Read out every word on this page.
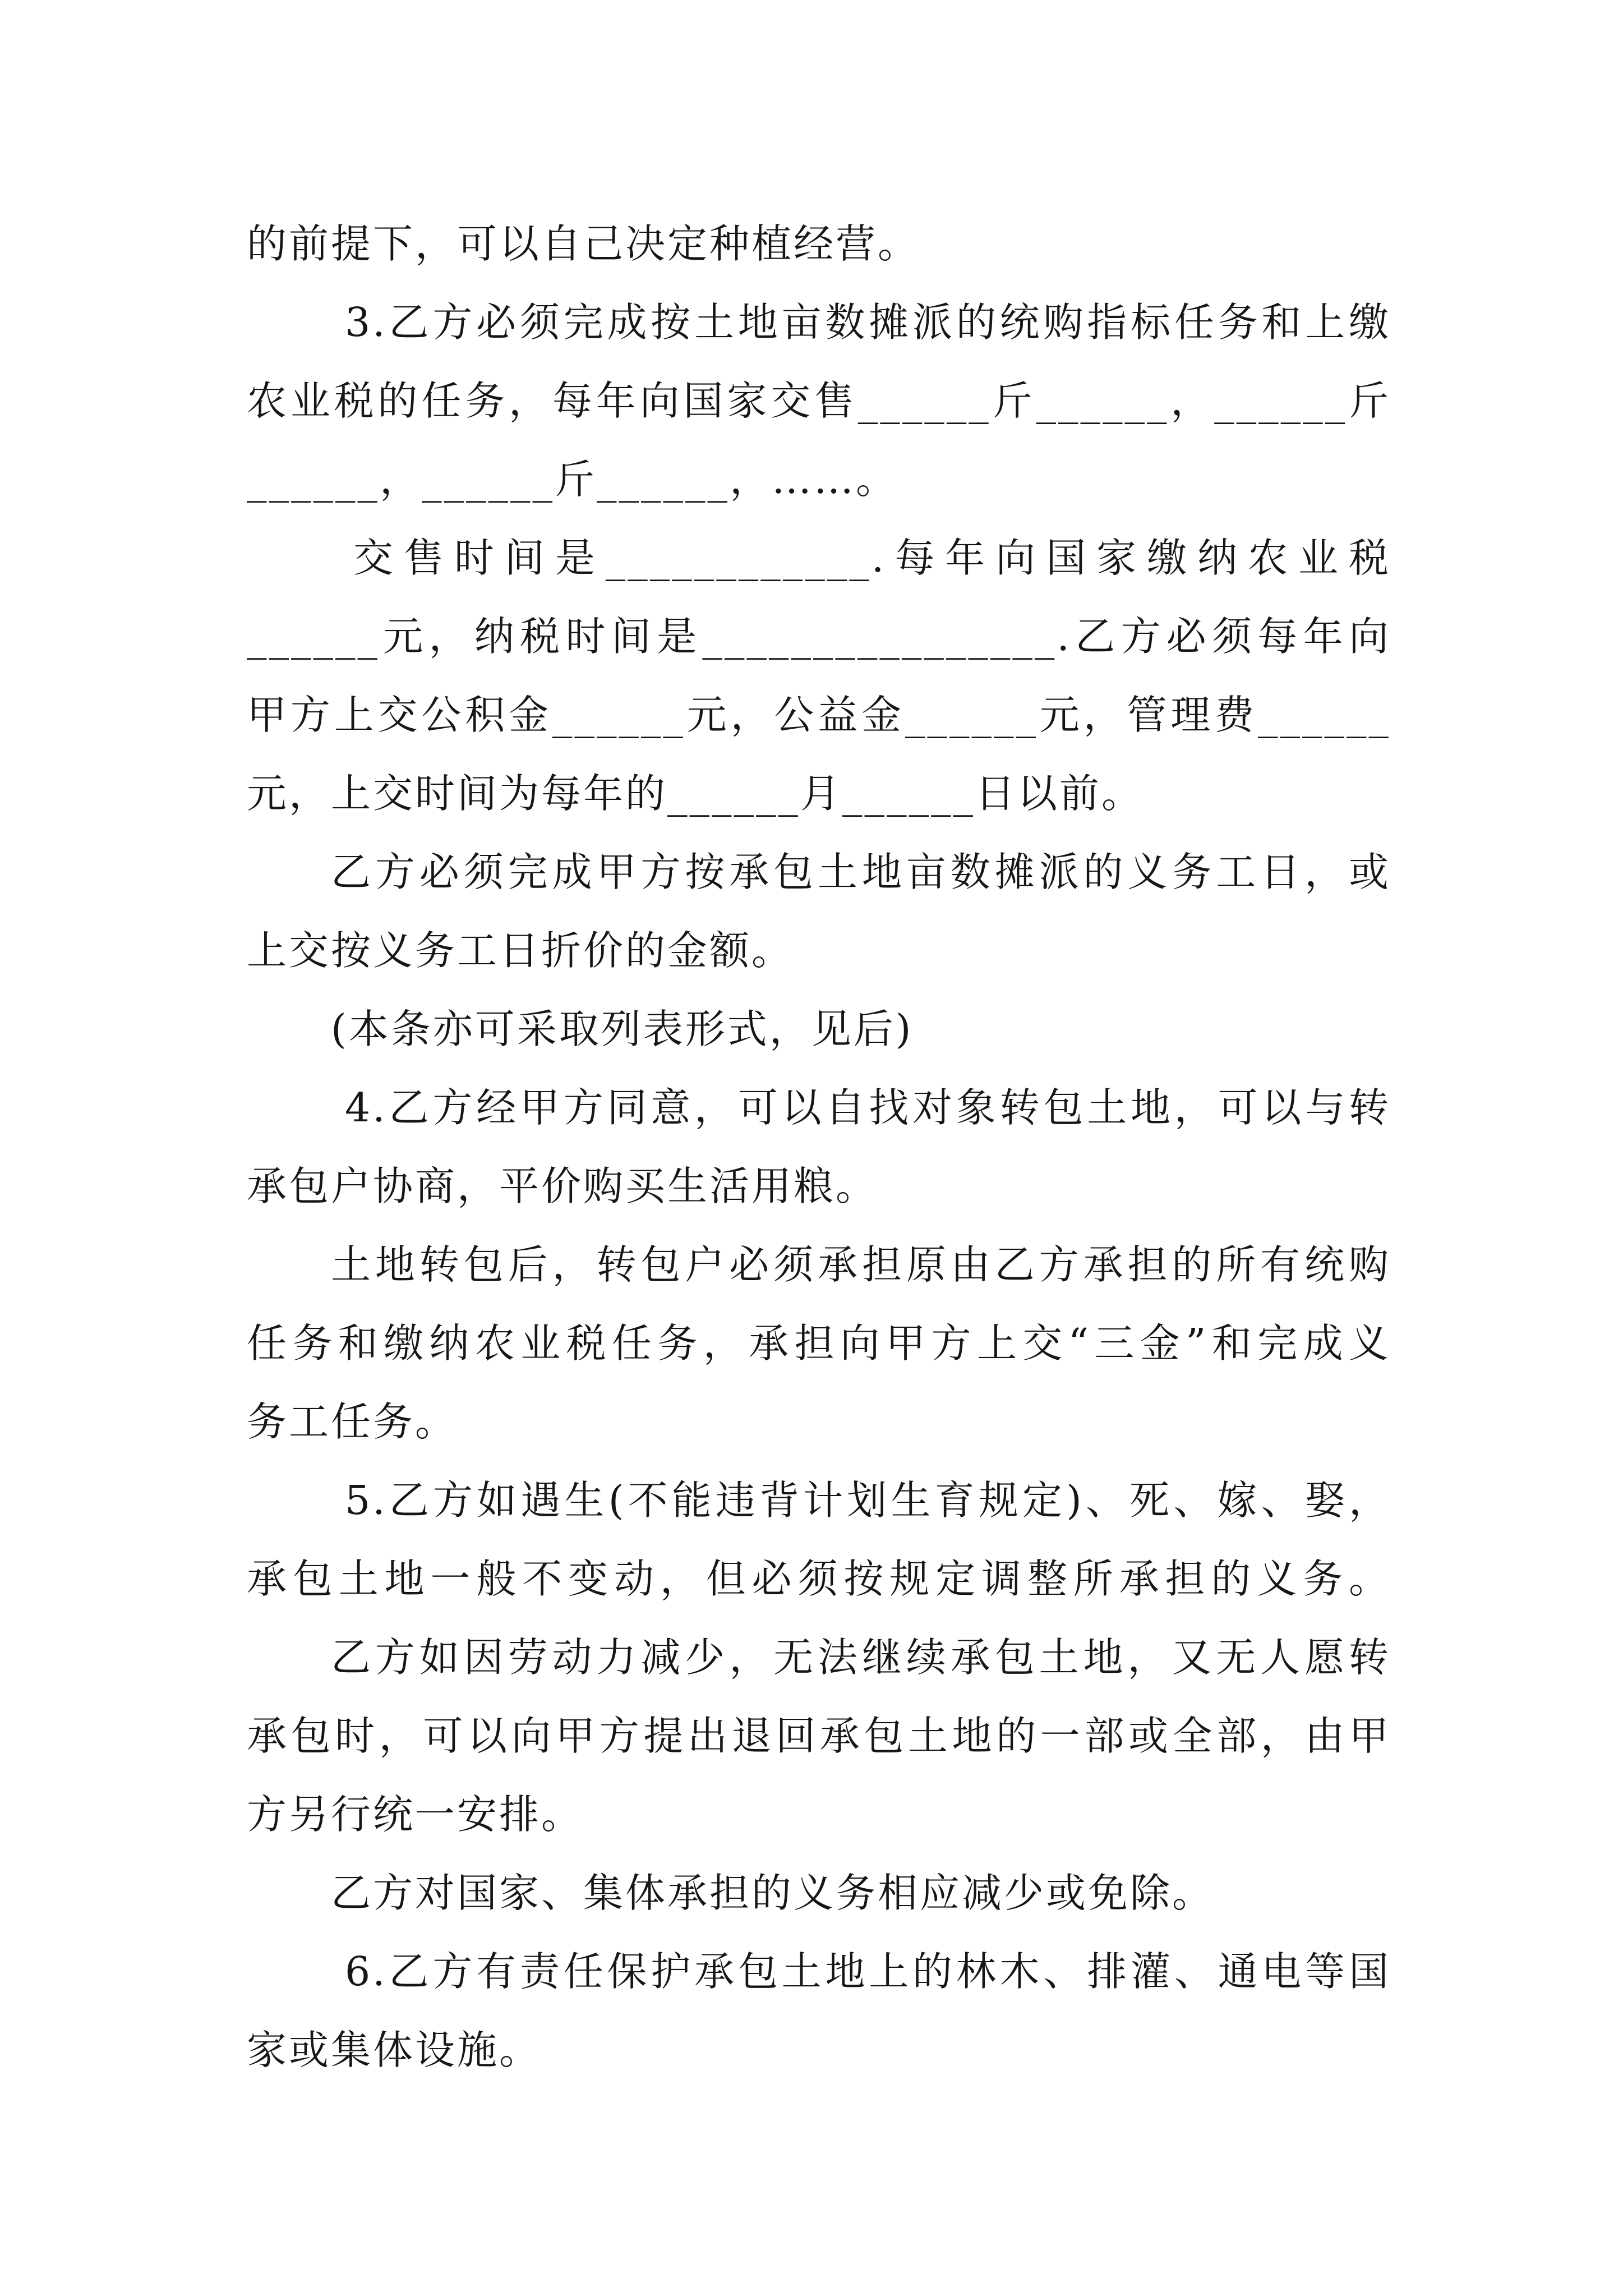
的前提下，可以自己决定种植经营。
3.乙方必须完成按土地亩数摊派的统购指标任务和上缴
农业税的任务，每年向国家交售______斤______，______斤
______，______斤______，……。
交售时间是____________.每年向国家缴纳农业税
______元，纳税时间是________________.乙方必须每年向
甲方上交公积金______元，公益金______元，管理费______
元，上交时间为每年的______月______日以前。
乙方必须完成甲方按承包土地亩数摊派的义务工日，或
上交按义务工日折价的金额。
(本条亦可采取列表形式，见后)
4.乙方经甲方同意，可以自找对象转包土地，可以与转
承包户协商，平价购买生活用粮。
土地转包后，转包户必须承担原由乙方承担的所有统购
任务和缴纳农业税任务，承担向甲方上交“三金”和完成义
务工任务。
5.乙方如遇生(不能违背计划生育规定)、死、嫁、娶，
承包土地一般不变动，但必须按规定调整所承担的义务。
乙方如因劳动力减少，无法继续承包土地，又无人愿转
承包时，可以向甲方提出退回承包土地的一部或全部，由甲
方另行统一安排。
乙方对国家、集体承担的义务相应减少或免除。
6.乙方有责任保护承包土地上的林木、排灌、通电等国
家或集体设施。
